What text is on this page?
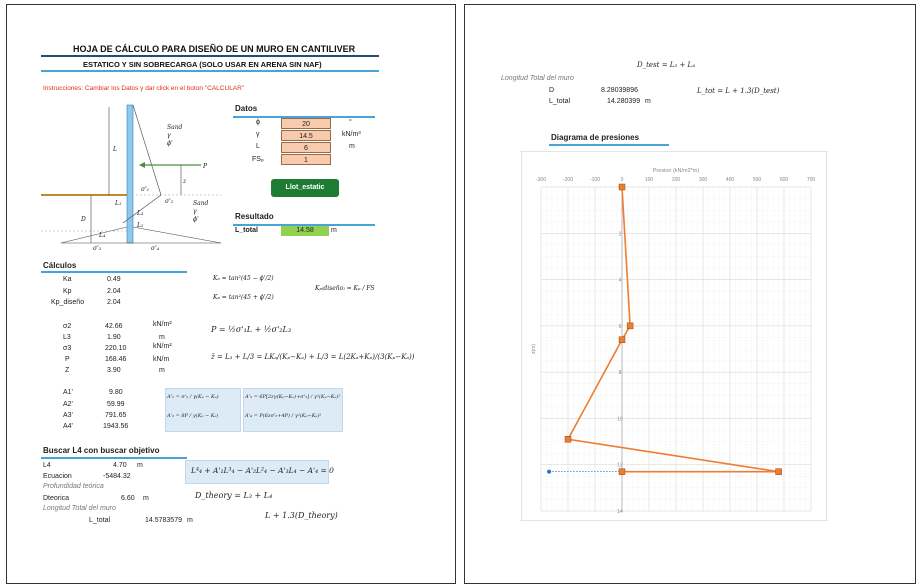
HOJA DE CÁLCULO PARA DISEÑO DE UN MURO EN CANTILIVER
ESTATICO Y SIN SOBRECARGA (SOLO USAR EN ARENA SIN NAF)
Instrucciones: Cambiar los Datos y dar click en el boton "CALCULAR"
Sand
γ
ϕ'
L
P
z
σ'₁
L₁	Sand
γ
ϕ'
σ'₂
D
L₂
L₃
L₄
σ'₃	σ'₄
Datos
ϕ	20	°
γ	14.5	kN/m³
L	6	m
FSₚ	1
Llot_estatic
Resultado
L_total	14.58	m
Cálculos
Ka	0.49
Kp	2.04
Kp_diseño	2.04
σ2	42.66	kN/m²
L3	1.90	m
σ3	220.10	kN/m²
P	168.46	kN/m
Z	3.90	m
A1'	9.80
A2'	59.99
A3'	791.65
A4'	1943.56
Kₐ = tan²(45 − ϕ'/2)
Kₚ = tan²(45 + ϕ'/2)
Kₚ₍diseño₎ = Kₚ / FS
P = ½σ'₁L + ½σ'₂L₃
z̄ = L₃ + L/3 = LKₐ/(Kₚ−Kₐ) + L/3 = L(2Kₐ+Kₚ)/(3(Kₚ−Kₐ))
A'₁ = σ'₅ / γ(Kₚ − Kₐ)
A'₂ = 8P / γ(Kₚ − Kₐ)
A'₃ = 6P[2zγ(Kₚ−Kₐ)+σ'₅] / γ²(Kₚ−Kₐ)²
A'₄ = P(6zσ'₅+4P) / γ²(Kₚ−Kₐ)²
Buscar L4 con buscar objetivo
L4	4.70 m
Ecuacion	-5484.32
Profundidad teórica
Dteorica	6.60 m
Longitud Total del muro
L_total	14.5783579 m
L⁴₄ + A'₁L³₄ − A'₂L²₄ − A'₃L₄ − A'₄ = 0
D_theory = L₃ + L₄
L + 1.3(D_theory)
D_test = L₃ + L₄
Longitud Total del muro
D	8.28039896
L_total	14.280399 m
L_tot = L + 1.3(D_test)
Diagrama de presiones
-300	-200	-100	0	100	200	300	400	500	600	700
2
4
6
8
10
12
14
Presion (kN/m2*m)
z(m)
